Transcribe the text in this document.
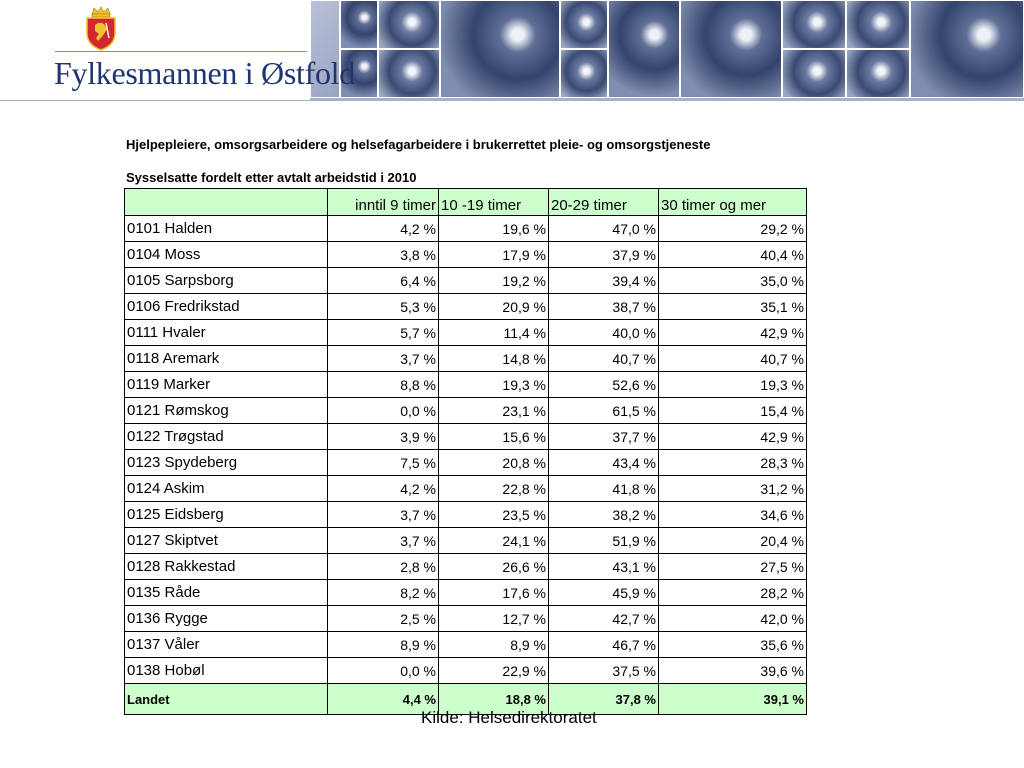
Fylkesmannen i Østfold
Hjelpepleiere, omsorgsarbeidere og helsefagarbeidere i brukerrettet pleie- og omsorgstjeneste
Sysselsatte fordelt etter avtalt arbeidstid i 2010
	inntil 9 timer	10 -19 timer	20-29 timer	30 timer og mer
0101 Halden	4,2 %	19,6 %	47,0 %	29,2 %
0104 Moss	3,8 %	17,9 %	37,9 %	40,4 %
0105 Sarpsborg	6,4 %	19,2 %	39,4 %	35,0 %
0106 Fredrikstad	5,3 %	20,9 %	38,7 %	35,1 %
0111 Hvaler	5,7 %	11,4 %	40,0 %	42,9 %
0118 Aremark	3,7 %	14,8 %	40,7 %	40,7 %
0119 Marker	8,8 %	19,3 %	52,6 %	19,3 %
0121 Rømskog	0,0 %	23,1 %	61,5 %	15,4 %
0122 Trøgstad	3,9 %	15,6 %	37,7 %	42,9 %
0123 Spydeberg	7,5 %	20,8 %	43,4 %	28,3 %
0124 Askim	4,2 %	22,8 %	41,8 %	31,2 %
0125 Eidsberg	3,7 %	23,5 %	38,2 %	34,6 %
0127 Skiptvet	3,7 %	24,1 %	51,9 %	20,4 %
0128 Rakkestad	2,8 %	26,6 %	43,1 %	27,5 %
0135 Råde	8,2 %	17,6 %	45,9 %	28,2 %
0136 Rygge	2,5 %	12,7 %	42,7 %	42,0 %
0137 Våler	8,9 %	8,9 %	46,7 %	35,6 %
0138 Hobøl	0,0 %	22,9 %	37,5 %	39,6 %
Landet	4,4 %	18,8 %	37,8 %	39,1 %
Kilde: Helsedirektoratet
